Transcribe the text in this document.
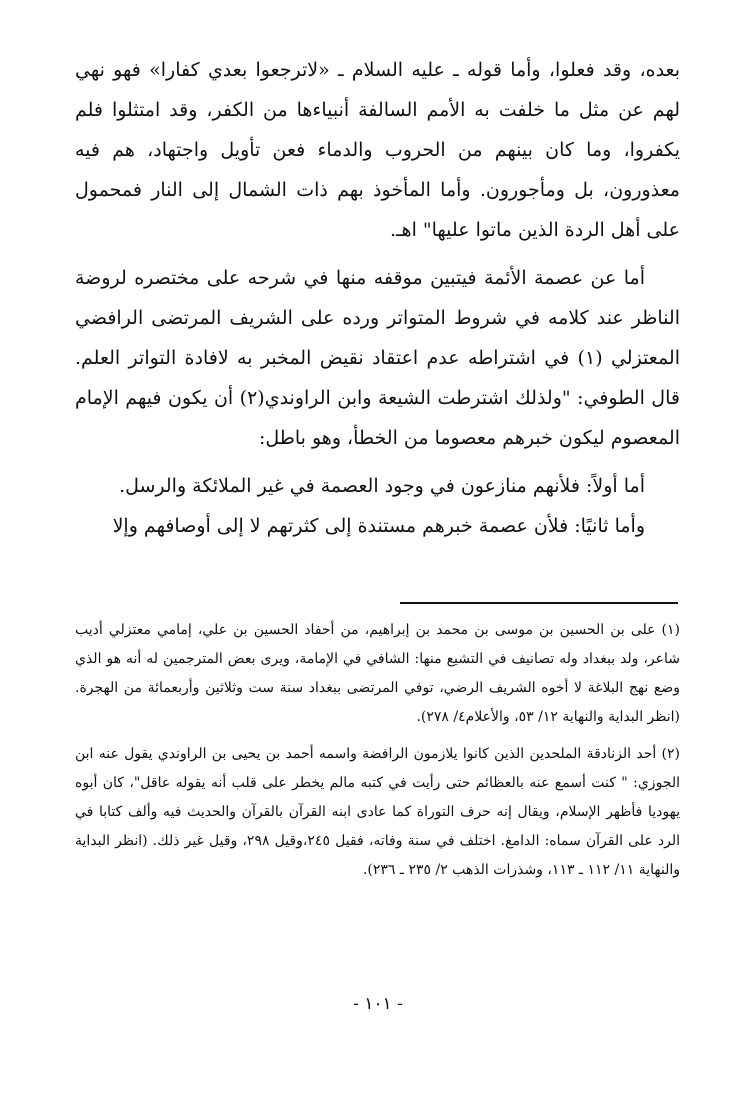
بعده، وقد فعلوا، وأما قوله ـ عليه السلام ـ «لاترجعوا بعدي كفارا» فهو نهي لهم عن مثل ما خلفت به الأمم السالفة أنبياءها من الكفر، وقد امتثلوا فلم يكفروا، وما كان بينهم من الحروب والدماء فعن تأويل واجتهاد، هم فيه معذورون، بل ومأجورون. وأما المأخوذ بهم ذات الشمال إلى النار فمحمول على أهل الردة الذين ماتوا عليها" اهـ.

أما عن عصمة الأئمة فيتبين موقفه منها في شرحه على مختصره لروضة الناظر عند كلامه في شروط المتواتر ورده على الشريف المرتضى الرافضي المعتزلي (١) في اشتراطه عدم اعتقاد نقيض المخبر به لافادة التواتر العلم. قال الطوفي: "ولذلك اشترطت الشيعة وابن الراوندي(٢) أن يكون فيهم الإمام المعصوم ليكون خبرهم معصوما من الخطأ، وهو باطل:

أما أولاً: فلأنهم منازعون في وجود العصمة في غير الملائكة والرسل.

وأما ثانيًا: فلأن عصمة خبرهم مستندة إلى كثرتهم لا إلى أوصافهم وإلا

(١) على بن الحسين بن موسى بن محمد بن إبراهيم، من أحفاد الحسين بن علي، إمامي معتزلي أديب شاعر، ولد ببغداد وله تصانيف في التشيع منها: الشافي في الإمامة، ويرى بعض المترجمين له أنه هو الذي وضع نهج البلاغة لا أخوه الشريف الرضي، توفي المرتضى ببغداد سنة ست وثلاثين وأربعمائة من الهجرة. (انظر البداية والنهاية ١٢/ ٥٣، والأعلام٤/ ٢٧٨).

(٢) أحد الزنادقة الملحدين الذين كانوا يلازمون الرافضة واسمه أحمد بن يحيى بن الراوندي يقول عنه ابن الجوزي: " كنت أسمع عنه بالعظائم حتى رأيت في كتبه مالم يخطر على قلب أنه يقوله عاقل"، كان أبوه يهوديا فأظهر الإسلام، ويقال إنه حرف التوراة كما عادى ابنه القرآن بالقرآن والحديث فيه وألف كتابا في الرد على القرآن سماه: الدامغ. اختلف في سنة وفاته، فقيل ٢٤٥،وقيل ٢٩٨، وقيل غير ذلك. (انظر البداية والنهاية ١١/ ١١٢ ـ ١١٣، وشذرات الذهب ٢/ ٢٣٥ ـ ٢٣٦).

- ١٠١ -
